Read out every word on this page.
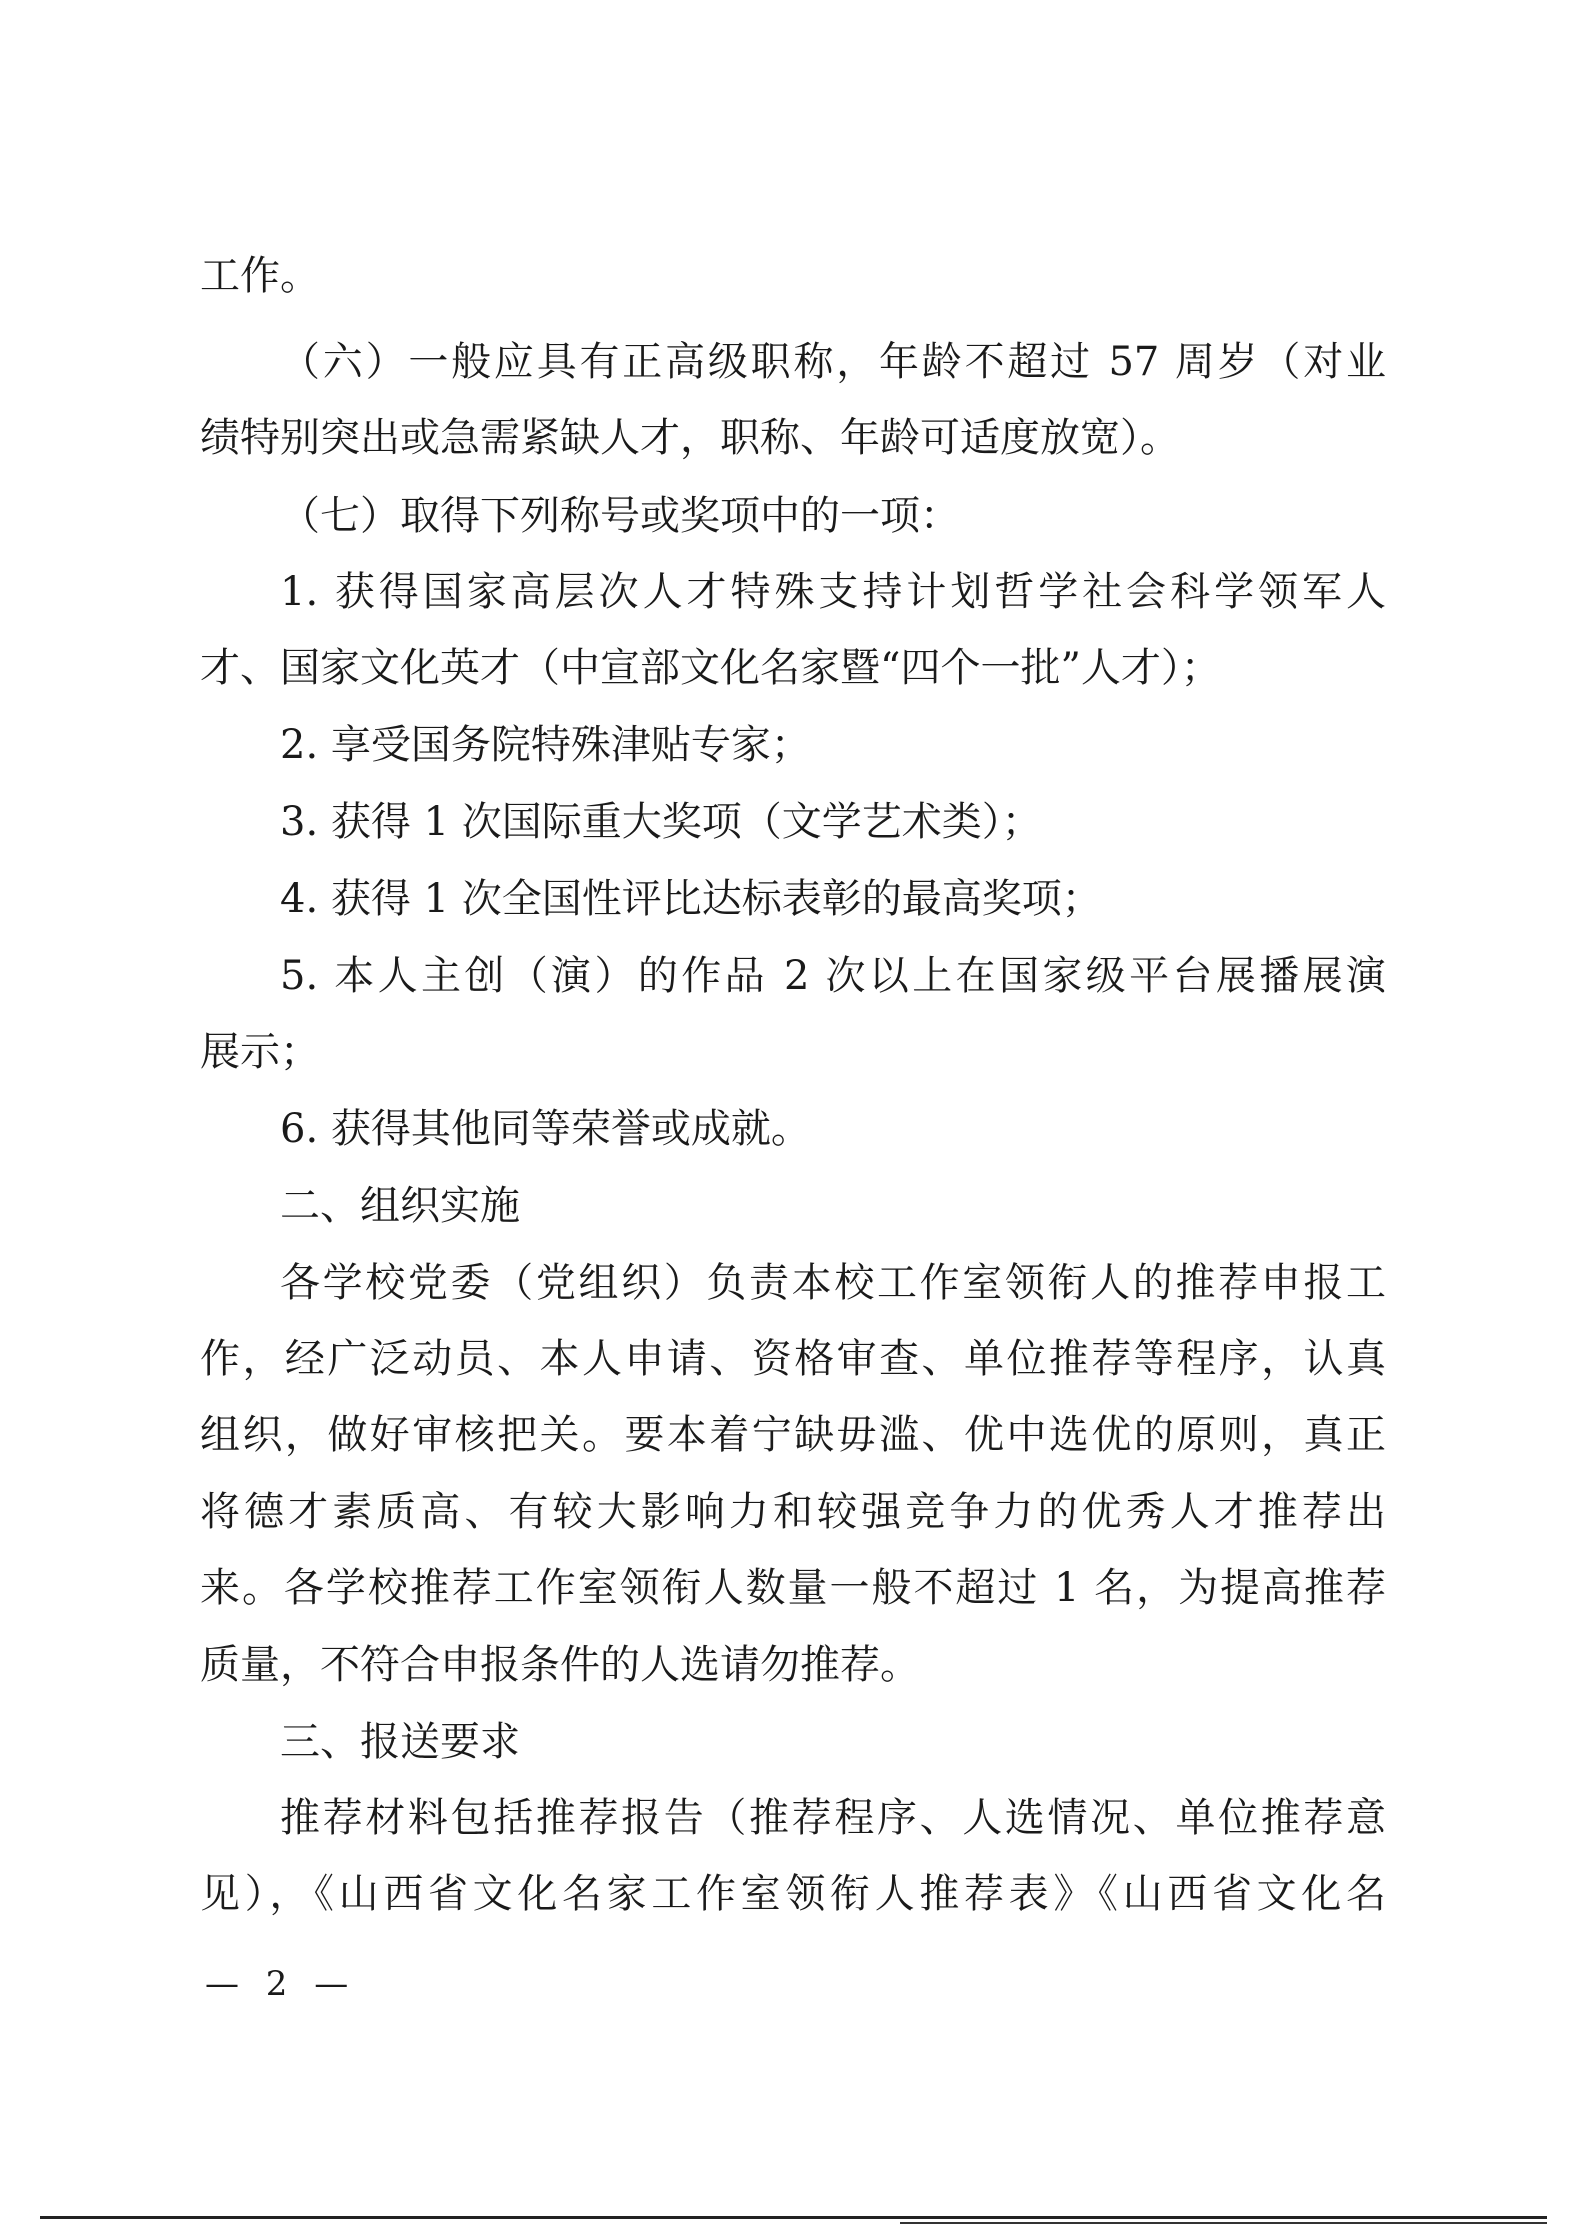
工作。
（六）一般应具有正高级职称，年龄不超过 57 周岁（对业
绩特别突出或急需紧缺人才，职称、年龄可适度放宽）。
（七）取得下列称号或奖项中的一项：
1. 获得国家高层次人才特殊支持计划哲学社会科学领军人
才、国家文化英才（中宣部文化名家暨“四个一批”人才）；
2. 享受国务院特殊津贴专家；
3. 获得 1 次国际重大奖项（文学艺术类）；
4. 获得 1 次全国性评比达标表彰的最高奖项；
5. 本人主创（演）的作品 2 次以上在国家级平台展播展演
展示；
6. 获得其他同等荣誉或成就。
二、组织实施
各学校党委（党组织）负责本校工作室领衔人的推荐申报工
作，经广泛动员、本人申请、资格审查、单位推荐等程序，认真
组织，做好审核把关。要本着宁缺毋滥、优中选优的原则，真正
将德才素质高、有较大影响力和较强竞争力的优秀人才推荐出
来。各学校推荐工作室领衔人数量一般不超过 1 名，为提高推荐
质量，不符合申报条件的人选请勿推荐。
三、报送要求
推荐材料包括推荐报告（推荐程序、人选情况、单位推荐意
见），《山西省文化名家工作室领衔人推荐表》《山西省文化名
— 2 —
